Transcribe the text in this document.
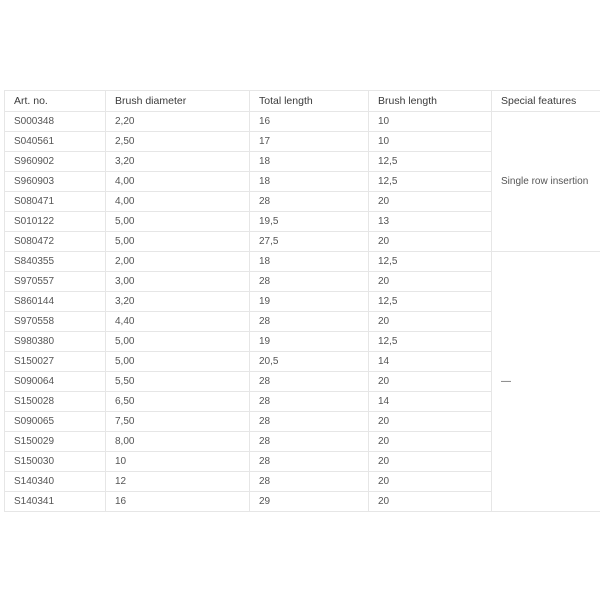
Art. no.	Brush diameter	Total length	Brush length	Special features
S000348	2,20	16	10	Single row insertion
S040561	2,50	17	10	
S960902	3,20	18	12,5	
S960903	4,00	18	12,5	
S080471	4,00	28	20	
S010122	5,00	19,5	13	
S080472	5,00	27,5	20	
S840355	2,00	18	12,5	—
S970557	3,00	28	20	
S860144	3,20	19	12,5	
S970558	4,40	28	20	
S980380	5,00	19	12,5	
S150027	5,00	20,5	14	
S090064	5,50	28	20	
S150028	6,50	28	14	
S090065	7,50	28	20	
S150029	8,00	28	20	
S150030	10	28	20	
S140340	12	28	20	
S140341	16	29	20	
